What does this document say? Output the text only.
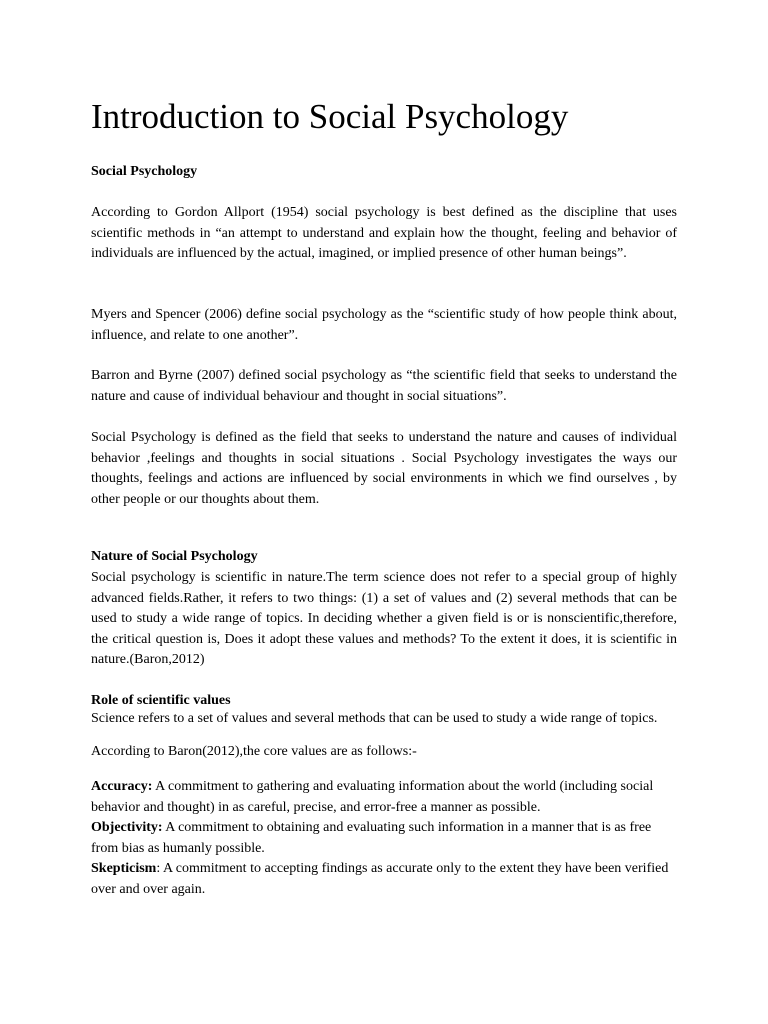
Introduction to Social Psychology
Social Psychology

According to Gordon Allport (1954) social psychology is best defined as the discipline that uses scientific methods in “an attempt to understand and explain how the thought, feeling and behavior of individuals are influenced by the actual, imagined, or implied presence of other human beings”.

Myers and Spencer (2006) define social psychology as the “scientific study of how people think about, influence, and relate to one another”.

Barron and Byrne (2007) defined social psychology as “the scientific field that seeks to understand the nature and cause of individual behaviour and thought in social situations”.

Social Psychology is defined as the field that seeks to understand the nature and causes of individual behavior ,feelings and thoughts in social situations . Social Psychology investigates the ways our thoughts, feelings and actions are influenced by social environments in which we find ourselves , by other people or our thoughts about them.

Nature of Social Psychology

Social psychology is scientific in nature.The term science does not refer to a special group of highly advanced fields.Rather, it refers to two things: (1) a set of values and (2) several methods that can be used to study a wide range of topics. In deciding whether a given field is or is nonscientific,therefore, the critical question is, Does it adopt these values and methods? To the extent it does, it is scientific in nature.(Baron,2012)

Role of scientific values

Science refers to a set of values and several methods that can be used to study a wide range of topics.

According to Baron(2012),the core values are as follows:-

Accuracy: A commitment to gathering and evaluating information about the world (including social behavior and thought) in as careful, precise, and error-free a manner as possible.

Objectivity: A commitment to obtaining and evaluating such information in a manner that is as free from bias as humanly possible.

Skepticism: A commitment to accepting findings as accurate only to the extent they have been verified over and over again.
